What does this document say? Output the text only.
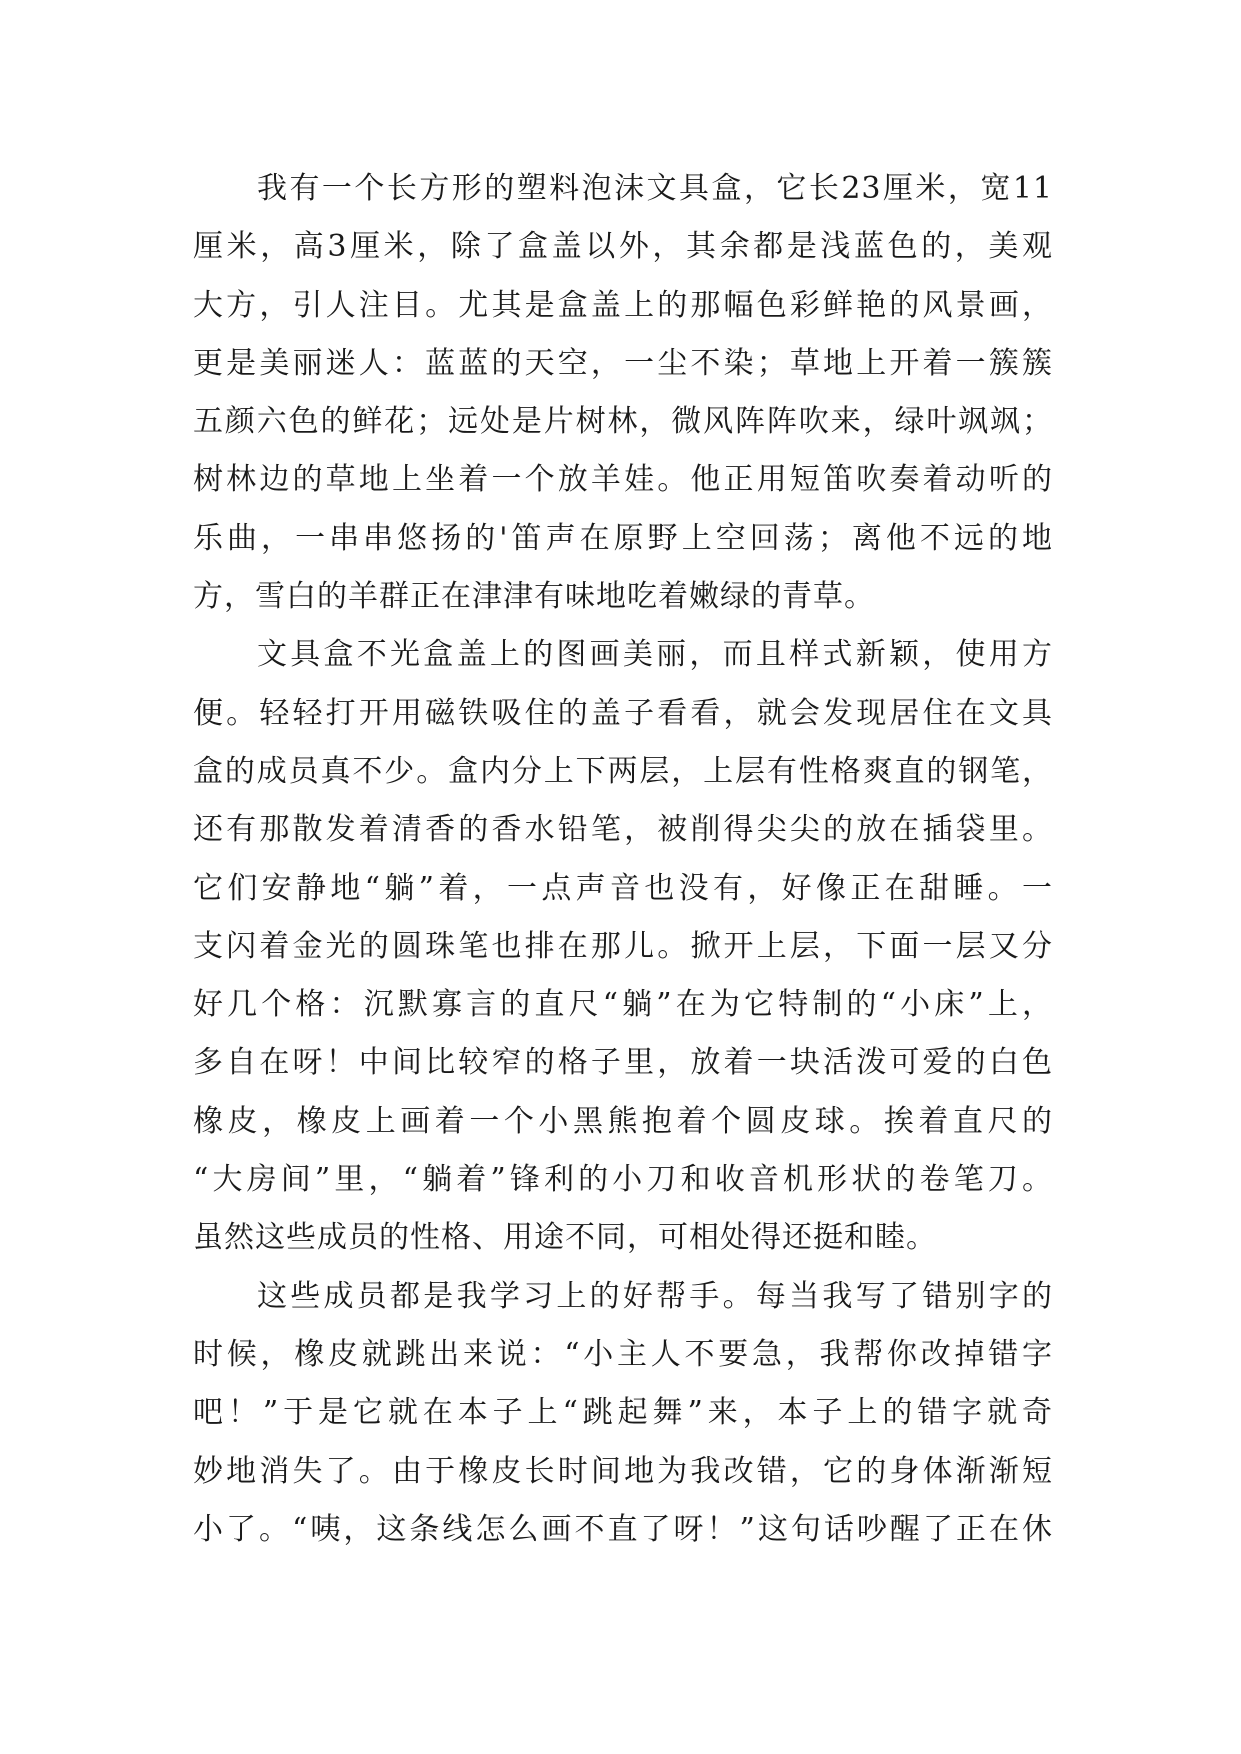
我有一个长方形的塑料泡沫文具盒，它长23厘米，宽11
厘米，高3厘米，除了盒盖以外，其余都是浅蓝色的，美观
大方，引人注目。尤其是盒盖上的那幅色彩鲜艳的风景画，
更是美丽迷人：蓝蓝的天空，一尘不染；草地上开着一簇簇
五颜六色的鲜花；远处是片树林，微风阵阵吹来，绿叶飒飒；
树林边的草地上坐着一个放羊娃。他正用短笛吹奏着动听的
乐曲，一串串悠扬的'笛声在原野上空回荡；离他不远的地
方，雪白的羊群正在津津有味地吃着嫩绿的青草。
文具盒不光盒盖上的图画美丽，而且样式新颖，使用方
便。轻轻打开用磁铁吸住的盖子看看，就会发现居住在文具
盒的成员真不少。盒内分上下两层，上层有性格爽直的钢笔，
还有那散发着清香的香水铅笔，被削得尖尖的放在插袋里。
它们安静地“躺”着，一点声音也没有，好像正在甜睡。一
支闪着金光的圆珠笔也排在那儿。掀开上层，下面一层又分
好几个格：沉默寡言的直尺“躺”在为它特制的“小床”上，
多自在呀！中间比较窄的格子里，放着一块活泼可爱的白色
橡皮，橡皮上画着一个小黑熊抱着个圆皮球。挨着直尺的
“大房间”里，“躺着”锋利的小刀和收音机形状的卷笔刀。
虽然这些成员的性格、用途不同，可相处得还挺和睦。
这些成员都是我学习上的好帮手。每当我写了错别字的
时候，橡皮就跳出来说：“小主人不要急，我帮你改掉错字
吧！”于是它就在本子上“跳起舞”来，本子上的错字就奇
妙地消失了。由于橡皮长时间地为我改错，它的身体渐渐短
小了。“咦，这条线怎么画不直了呀！”这句话吵醒了正在休
